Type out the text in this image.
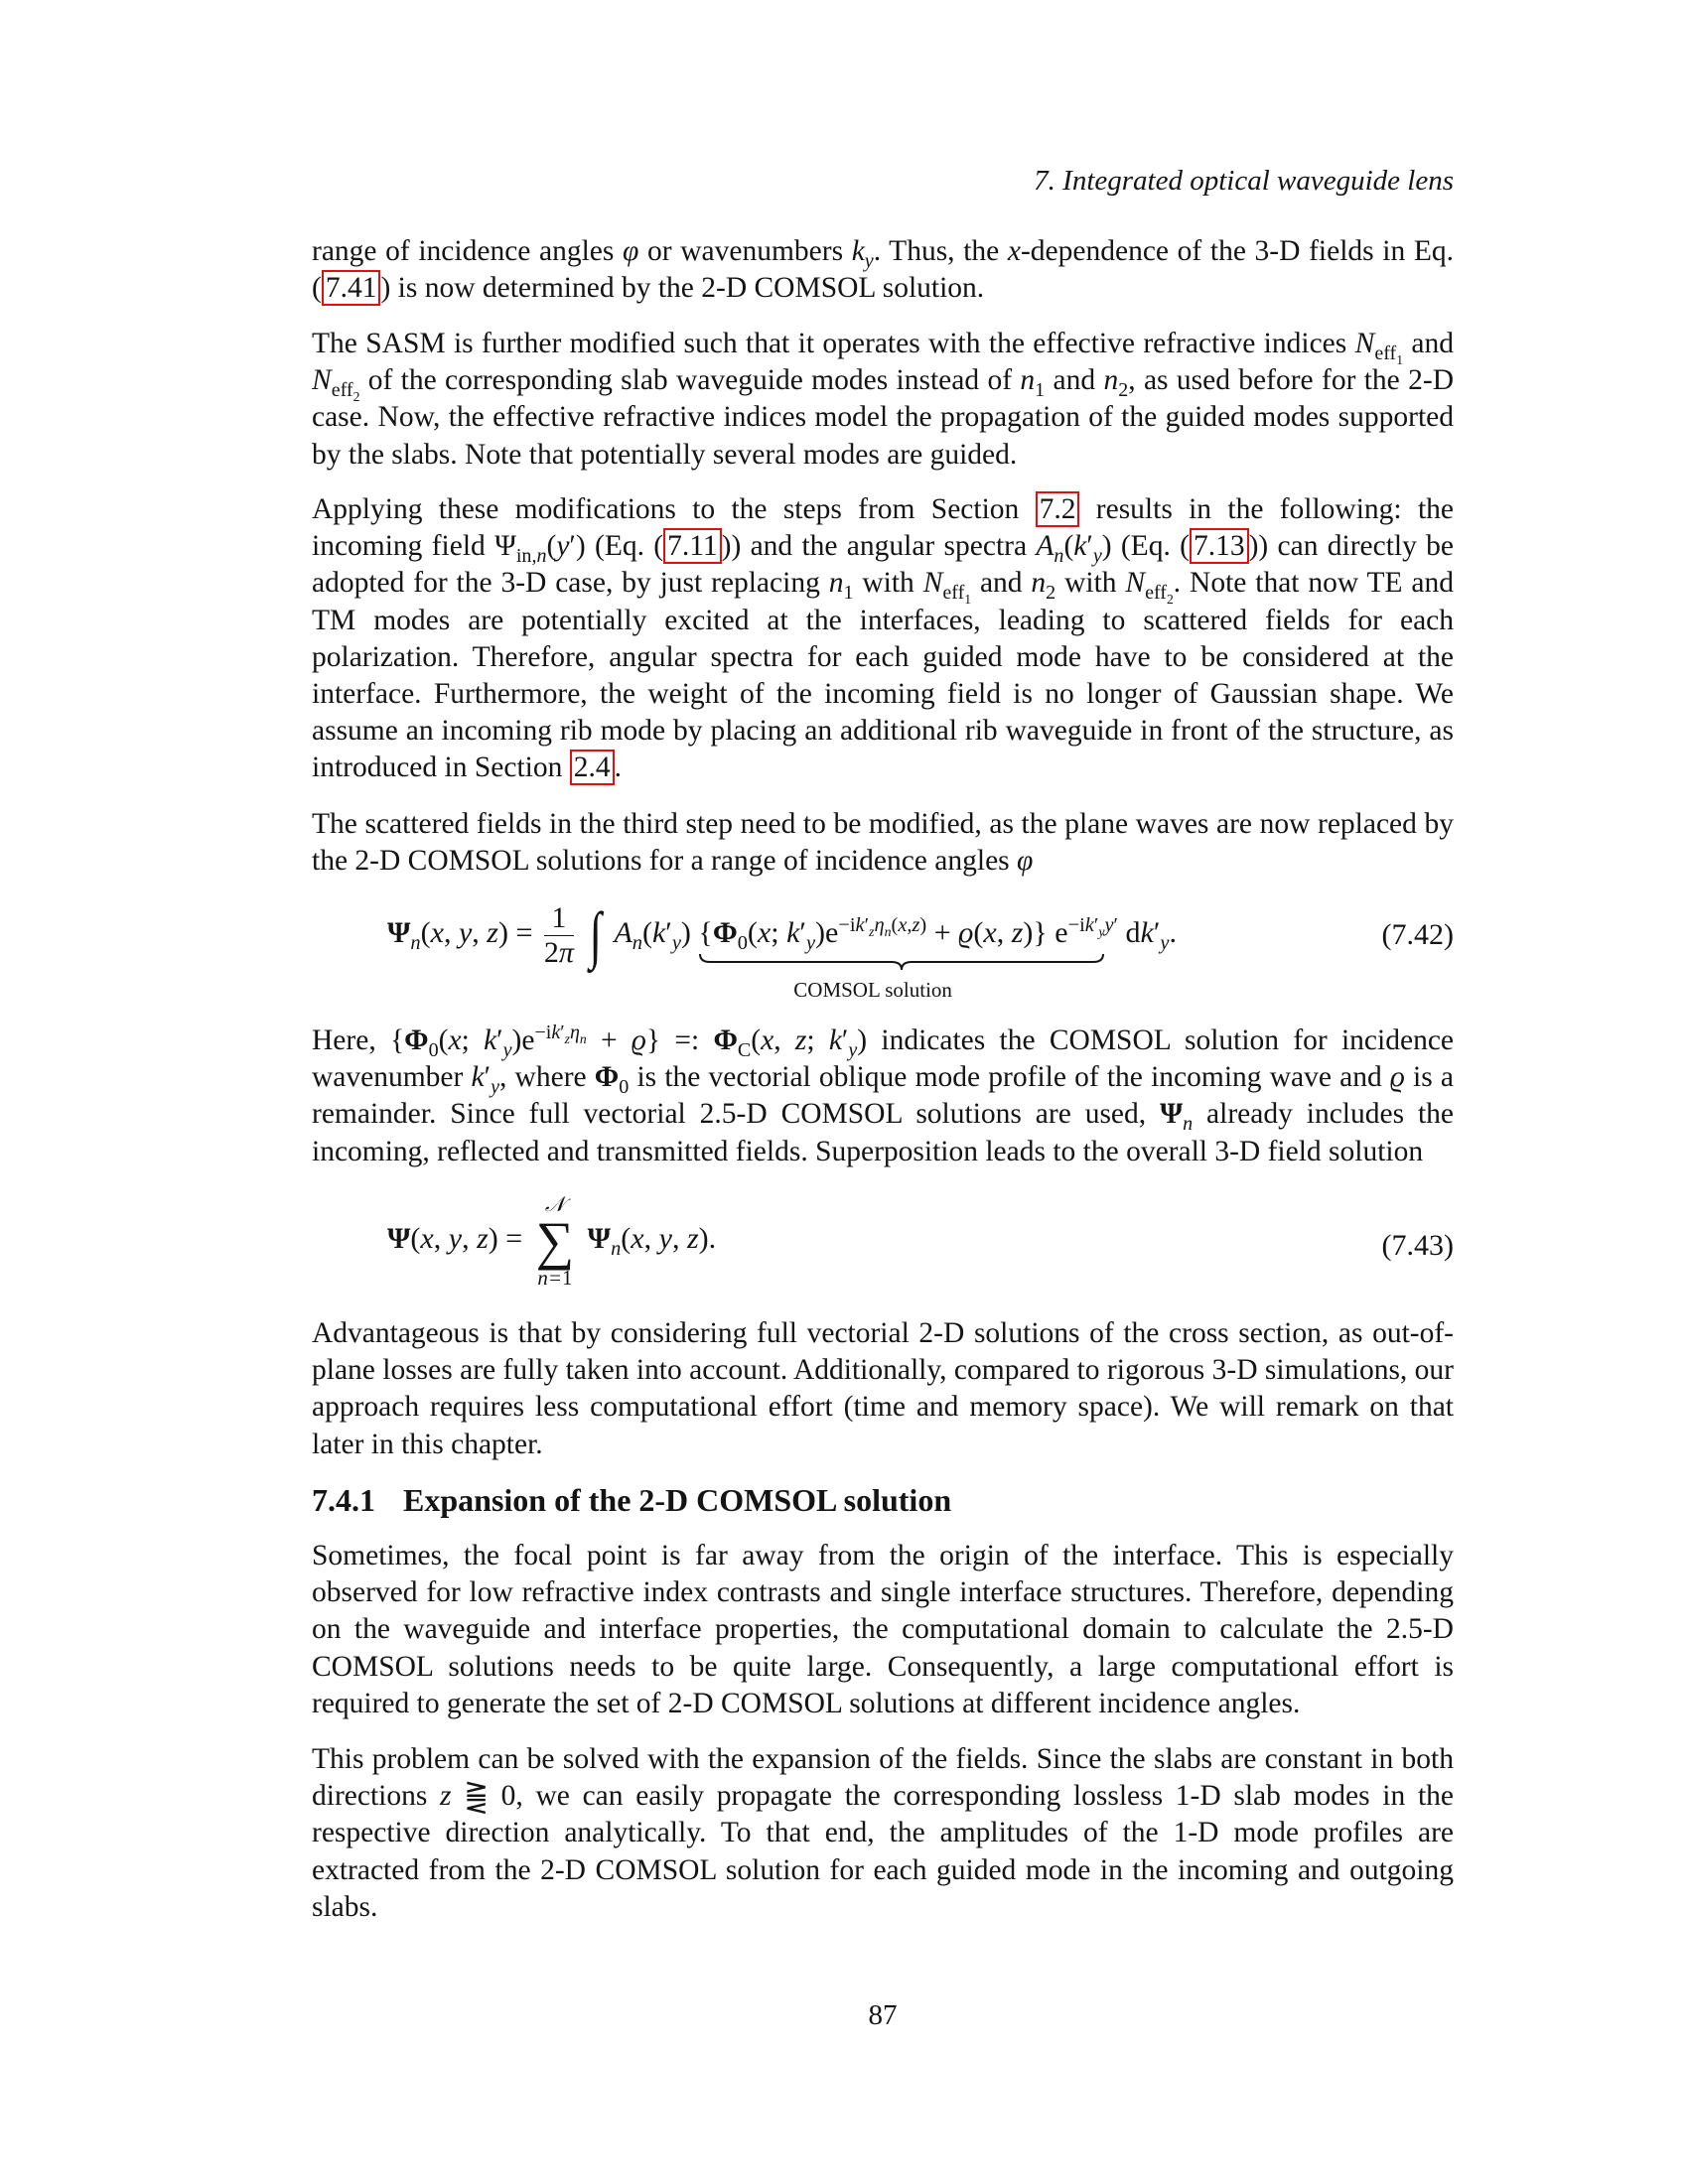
7. Integrated optical waveguide lens

range of incidence angles φ or wavenumbers $k_y$. Thus, the x-dependence of the 3-D fields in Eq. ( 7.41 ) is now determined by the 2-D COMSOL solution.

The SASM is further modified such that it operates with the effective refractive indices $N_{eff_1}$ and $N_{eff_2}$ of the corresponding slab waveguide modes instead of $n_1$ and $n_2$, as used before for the 2-D case. Now, the effective refractive indices model the propagation of the guided modes supported by the slabs. Note that potentially several modes are guided.

Applying these modifications to the steps from Section 7.2 results in the following: the incoming field $\Psi_{in,n}(y')$ (Eq. ( 7.11 )) and the angular spectra $A_n(k'_y)$ (Eq. ( 7.13 )) can directly be adopted for the 3-D case, by just replacing $n_1$ with $N_{eff_1}$ and $n_2$ with $N_{eff_2}$. Note that now TE and TM modes are potentially excited at the interfaces, leading to scattered fields for each polarization. Therefore, angular spectra for each guided mode have to be considered at the interface. Furthermore, the weight of the incoming field is no longer of Gaussian shape. We assume an incoming rib mode by placing an additional rib waveguide in front of the structure, as introduced in Section 2.4 .

The scattered fields in the third step need to be modified, as the plane waves are now replaced by the 2-D COMSOL solutions for a range of incidence angles φ

$\Psi_n(x$, y, $z) = \frac{1}{2\pi}$ ∫ $A_n(k'_y)$ {$\Phi_0(x$; $k'_y)e^{-ik'_z\eta_n(x,z)} + ϱ(x$, z)}
COMSOL solution
$e^{-ik'_yy'}$ $dk'_y$.	(7.42)

Here, {$\Phi_0(x$; $k'_y)e^{-ik'_z\eta_n} + ϱ$} =: $\Phi_C(x$, z; $k'_y$) indicates the COMSOL solution for incidence wavenumber $k'_y$, where $\Phi_0$ is the vectorial oblique mode profile of the incoming wave and ϱ is a remainder. Since full vectorial 2.5-D COMSOL solutions are used, $\Psi_n$ already includes the incoming, reflected and transmitted fields. Superposition leads to the overall 3-D field solution

Ψ(x, y, z) =
𝒩
∑
n=1
$\Psi_n(x$, y, z).	(7.43)

Advantageous is that by considering full vectorial 2-D solutions of the cross section, as out-of-plane losses are fully taken into account. Additionally, compared to rigorous 3-D simulations, our approach requires less computational effort (time and memory space). We will remark on that later in this chapter.

7.4.1 Expansion of the 2-D COMSOL solution

Sometimes, the focal point is far away from the origin of the interface. This is especially observed for low refractive index contrasts and single interface structures. Therefore, depending on the waveguide and interface properties, the computational domain to calculate the 2.5-D COMSOL solutions needs to be quite large. Consequently, a large computational effort is required to generate the set of 2-D COMSOL solutions at different incidence angles.

This problem can be solved with the expansion of the fields. Since the slabs are constant in both directions z ⪌ 0, we can easily propagate the corresponding lossless 1-D slab modes in the respective direction analytically. To that end, the amplitudes of the 1-D mode profiles are extracted from the 2-D COMSOL solution for each guided mode in the incoming and outgoing slabs.

87
